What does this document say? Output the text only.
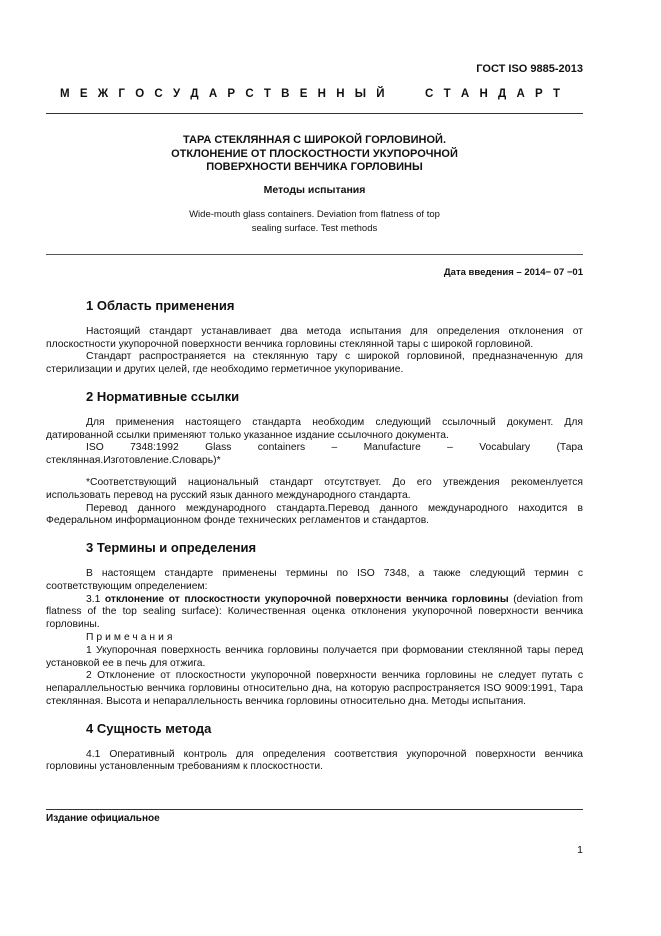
ГОСТ ISO 9885-2013
М Е Ж Г О С У Д А Р С Т В Е Н Н Ы Й	С Т А Н Д А Р Т
ТАРА СТЕКЛЯННАЯ С ШИРОКОЙ ГОРЛОВИНОЙ.
ОТКЛОНЕНИЕ ОТ ПЛОСКОСТНОСТИ УКУПОРОЧНОЙ
ПОВЕРХНОСТИ ВЕНЧИКА ГОРЛОВИНЫ
Методы испытания
Wide-mouth glass containers. Deviation from flatness of top
sealing surface. Test methods
Дата введения – 2014− 07 −01
1 Область применения

Настоящий стандарт устанавливает два метода испытания для определения отклонения от плоскостности укупорочной поверхности венчика горловины стеклянной тары с широкой горловиной.

Стандарт распространяется на стеклянную тару с широкой горловиной, предназначенную для стерилизации и других целей, где необходимо герметичное укупоривание.

2 Нормативные ссылки

Для применения настоящего стандарта необходим следующий ссылочный документ. Для датированной ссылки применяют только указанное издание ссылочного документа.

ISO	7348:1992	Glass	containers	–	Manufacture	–	Vocabulary	(Тара

стеклянная.Изготовление.Словарь)*

*Соответствующий национальный стандарт отсутствует. До его утвеждения рекоменлуется использовать перевод на русский язык данного международного стандарта.

Перевод данного международного стандарта.Перевод данного международного находится в Федеральном информационном фонде технических регламентов и стандартов.

3 Термины и определения

В настоящем стандарте применены термины по ISO 7348, а также следующий термин с соответствующим определением:

3.1 отклонение от плоскостности укупорочной поверхности венчика горловины (deviation from flatness of the top sealing surface): Количественная оценка отклонения укупорочной поверхности венчика горловины.

Примечания

1 Укупорочная поверхность венчика горловины получается при формовании стеклянной тары перед установкой ее в печь для отжига.

2 Отклонение от плоскостности укупорочной поверхности венчика горловины не следует путать с непараллельностью венчика горловины относительно дна, на которую распространяется ISO 9009:1991, Тара стеклянная. Высота и непараллельность венчика горловины относительно дна. Методы испытания.

4 Сущность метода

4.1 Оперативный контроль для определения соответствия укупорочной поверхности венчика горловины установленным требованиям к плоскостности.

Издание официальное
1
